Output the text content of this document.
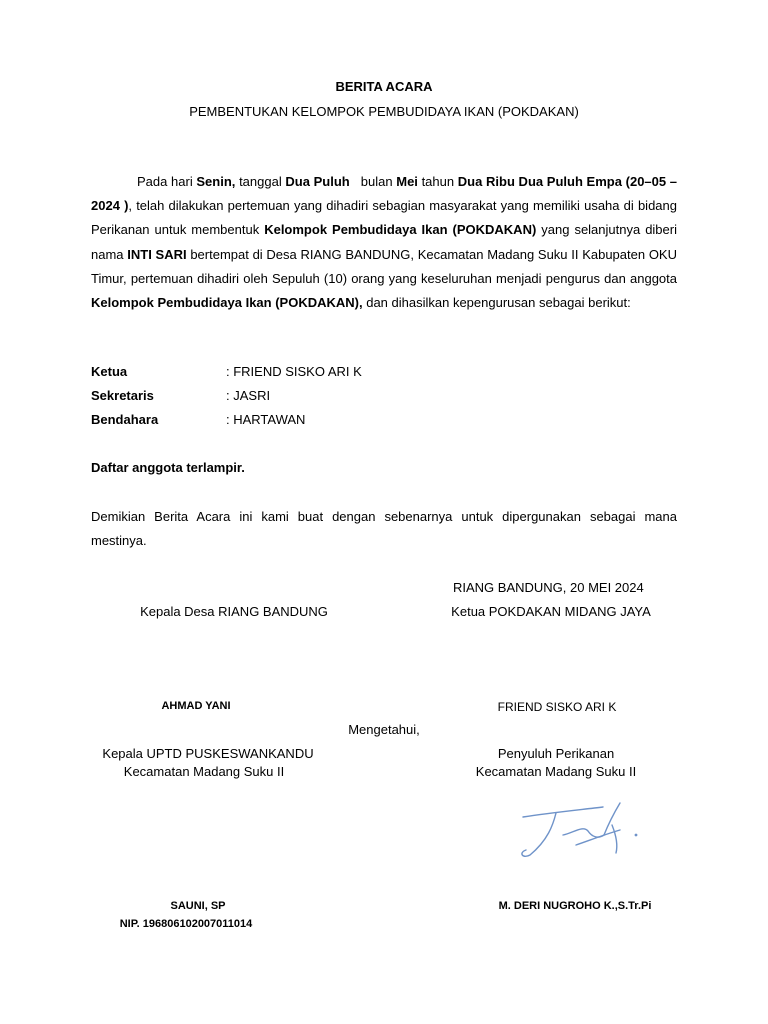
BERITA ACARA
PEMBENTUKAN KELOMPOK PEMBUDIDAYA IKAN (POKDAKAN)
Pada hari Senin, tanggal Dua Puluh   bulan Mei tahun Dua Ribu Dua Puluh Empa (20–05 – 2024 ), telah dilakukan pertemuan yang dihadiri sebagian masyarakat yang memiliki usaha di bidang Perikanan untuk membentuk Kelompok Pembudidaya Ikan (POKDAKAN) yang selanjutnya diberi nama INTI SARI bertempat di Desa RIANG BANDUNG, Kecamatan Madang Suku II Kabupaten OKU Timur, pertemuan dihadiri oleh Sepuluh (10) orang yang keseluruhan menjadi pengurus dan anggota Kelompok Pembudidaya Ikan (POKDAKAN), dan dihasilkan kepengurusan sebagai berikut:
Ketua	: FRIEND SISKO ARI K
Sekretaris	: JASRI
Bendahara	: HARTAWAN
Daftar anggota terlampir.
Demikian Berita Acara ini kami buat dengan sebenarnya untuk dipergunakan sebagai mana mestinya.
RIANG BANDUNG, 20 MEI 2024
Kepala Desa RIANG BANDUNG	Ketua POKDAKAN MIDANG JAYA
AHMAD YANI	FRIEND SISKO ARI K
Mengetahui,
Kepala UPTD PUSKESWANKANDU
Kecamatan Madang Suku II
Penyuluh Perikanan
Kecamatan Madang Suku II
SAUNI, SP
NIP. 196806102007011014
M. DERI NUGROHO K.,S.Tr.Pi
